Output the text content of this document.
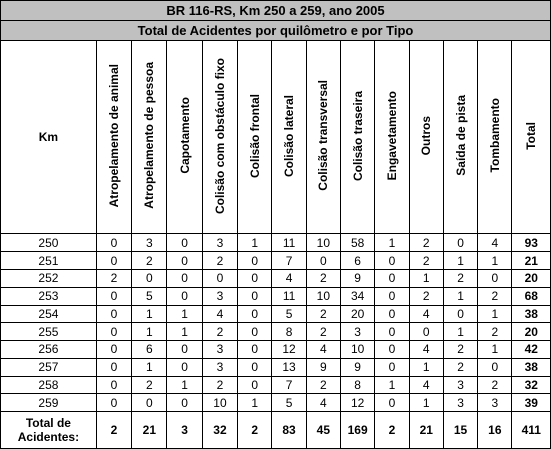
BR 116-RS, Km 250 a 259, ano 2005													
Total de Acidentes por quilômetro e por Tipo													
Km	Atropelamento de animal	Atropelamento de pessoa	Capotamento	Colisão com obstáculo fixo	Colisão frontal	Colisão lateral	Colisão transversal	Colisão traseira	Engavetamento	Outros	Saída de pista	Tombamento	Total
250	0	3	0	3	1	11	10	58	1	2	0	4	93
251	0	2	0	2	0	7	0	6	0	2	1	1	21
252	2	0	0	0	0	4	2	9	0	1	2	0	20
253	0	5	0	3	0	11	10	34	0	2	1	2	68
254	0	1	1	4	0	5	2	20	0	4	0	1	38
255	0	1	1	2	0	8	2	3	0	0	1	2	20
256	0	6	0	3	0	12	4	10	0	4	2	1	42
257	0	1	0	3	0	13	9	9	0	1	2	0	38
258	0	2	1	2	0	7	2	8	1	4	3	2	32
259	0	0	0	10	1	5	4	12	0	1	3	3	39

Total de
Acidentes:	2	21	3	32	2	83	45	169	2	21	15	16	411
